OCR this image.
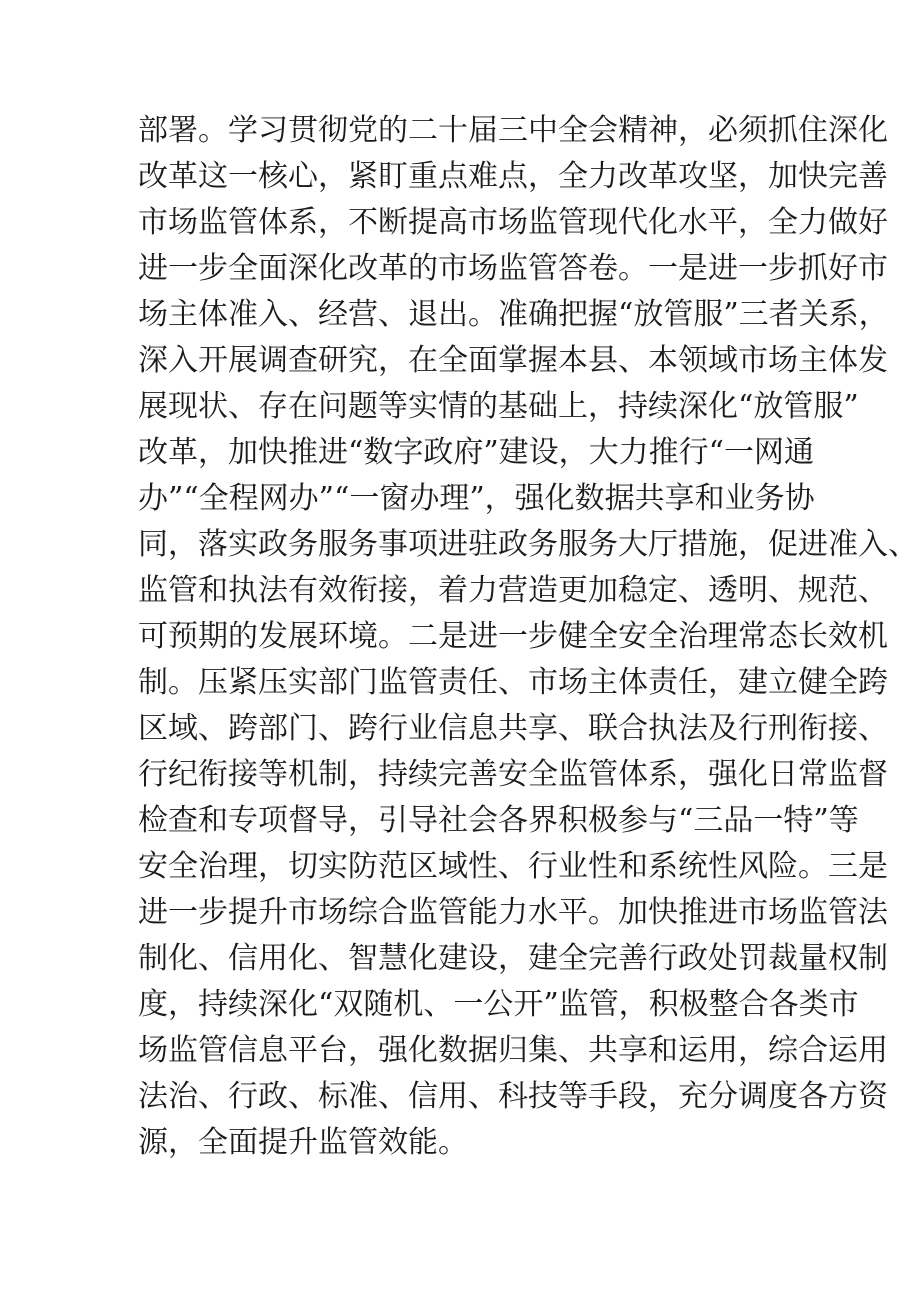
部署。学习贯彻党的二十届三中全会精神，必须抓住深化
改革这一核心，紧盯重点难点，全力改革攻坚，加快完善
市场监管体系，不断提高市场监管现代化水平，全力做好
进一步全面深化改革的市场监管答卷。一是进一步抓好市
场主体准入、经营、退出。准确把握“放管服”三者关系，
深入开展调查研究，在全面掌握本县、本领域市场主体发
展现状、存在问题等实情的基础上，持续深化“放管服”
改革，加快推进“数字政府”建设，大力推行“一网通
办”“全程网办”“一窗办理”，强化数据共享和业务协
同，落实政务服务事项进驻政务服务大厅措施，促进准入、
监管和执法有效衔接，着力营造更加稳定、透明、规范、
可预期的发展环境。二是进一步健全安全治理常态长效机
制。压紧压实部门监管责任、市场主体责任，建立健全跨
区域、跨部门、跨行业信息共享、联合执法及行刑衔接、
行纪衔接等机制，持续完善安全监管体系，强化日常监督
检查和专项督导，引导社会各界积极参与“三品一特”等
安全治理，切实防范区域性、行业性和系统性风险。三是
进一步提升市场综合监管能力水平。加快推进市场监管法
制化、信用化、智慧化建设，建全完善行政处罚裁量权制
度，持续深化“双随机、一公开”监管，积极整合各类市
场监管信息平台，强化数据归集、共享和运用，综合运用
法治、行政、标准、信用、科技等手段，充分调度各方资
源，全面提升监管效能。
